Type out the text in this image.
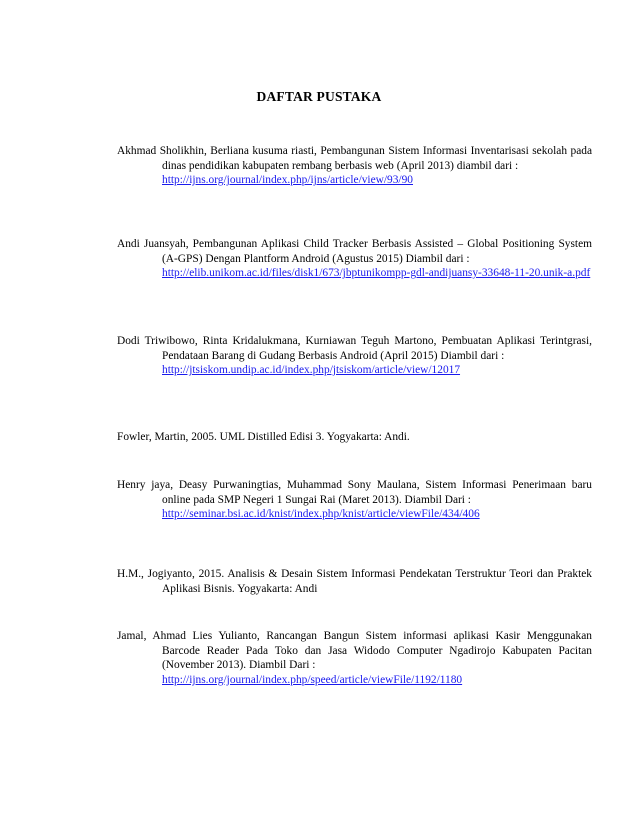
DAFTAR PUSTAKA
Akhmad Sholikhin, Berliana kusuma riasti, Pembangunan Sistem Informasi Inventarisasi sekolah pada dinas pendidikan kabupaten rembang berbasis web (April 2013) diambil dari :
http://ijns.org/journal/index.php/ijns/article/view/93/90
Andi Juansyah, Pembangunan Aplikasi Child Tracker Berbasis Assisted – Global Positioning System (A-GPS) Dengan Plantform Android (Agustus 2015) Diambil dari :
http://elib.unikom.ac.id/files/disk1/673/jbptunikompp-gdl-andijuansy-33648-11-20.unik-a.pdf
Dodi Triwibowo, Rinta Kridalukmana, Kurniawan Teguh Martono, Pembuatan Aplikasi Terintgrasi, Pendataan Barang di Gudang Berbasis Android (April 2015) Diambil dari :
http://jtsiskom.undip.ac.id/index.php/jtsiskom/article/view/12017
Fowler, Martin, 2005. UML Distilled Edisi 3. Yogyakarta: Andi.
Henry jaya, Deasy Purwaningtias, Muhammad Sony Maulana, Sistem Informasi Penerimaan baru online pada SMP Negeri 1 Sungai Rai (Maret 2013). Diambil Dari :
http://seminar.bsi.ac.id/knist/index.php/knist/article/viewFile/434/406
H.M., Jogiyanto, 2015. Analisis & Desain Sistem Informasi Pendekatan Terstruktur Teori dan Praktek Aplikasi Bisnis. Yogyakarta: Andi
Jamal, Ahmad Lies Yulianto, Rancangan Bangun Sistem informasi aplikasi Kasir Menggunakan Barcode Reader Pada Toko dan Jasa Widodo Computer Ngadirojo Kabupaten Pacitan (November 2013). Diambil Dari :
http://ijns.org/journal/index.php/speed/article/viewFile/1192/1180
